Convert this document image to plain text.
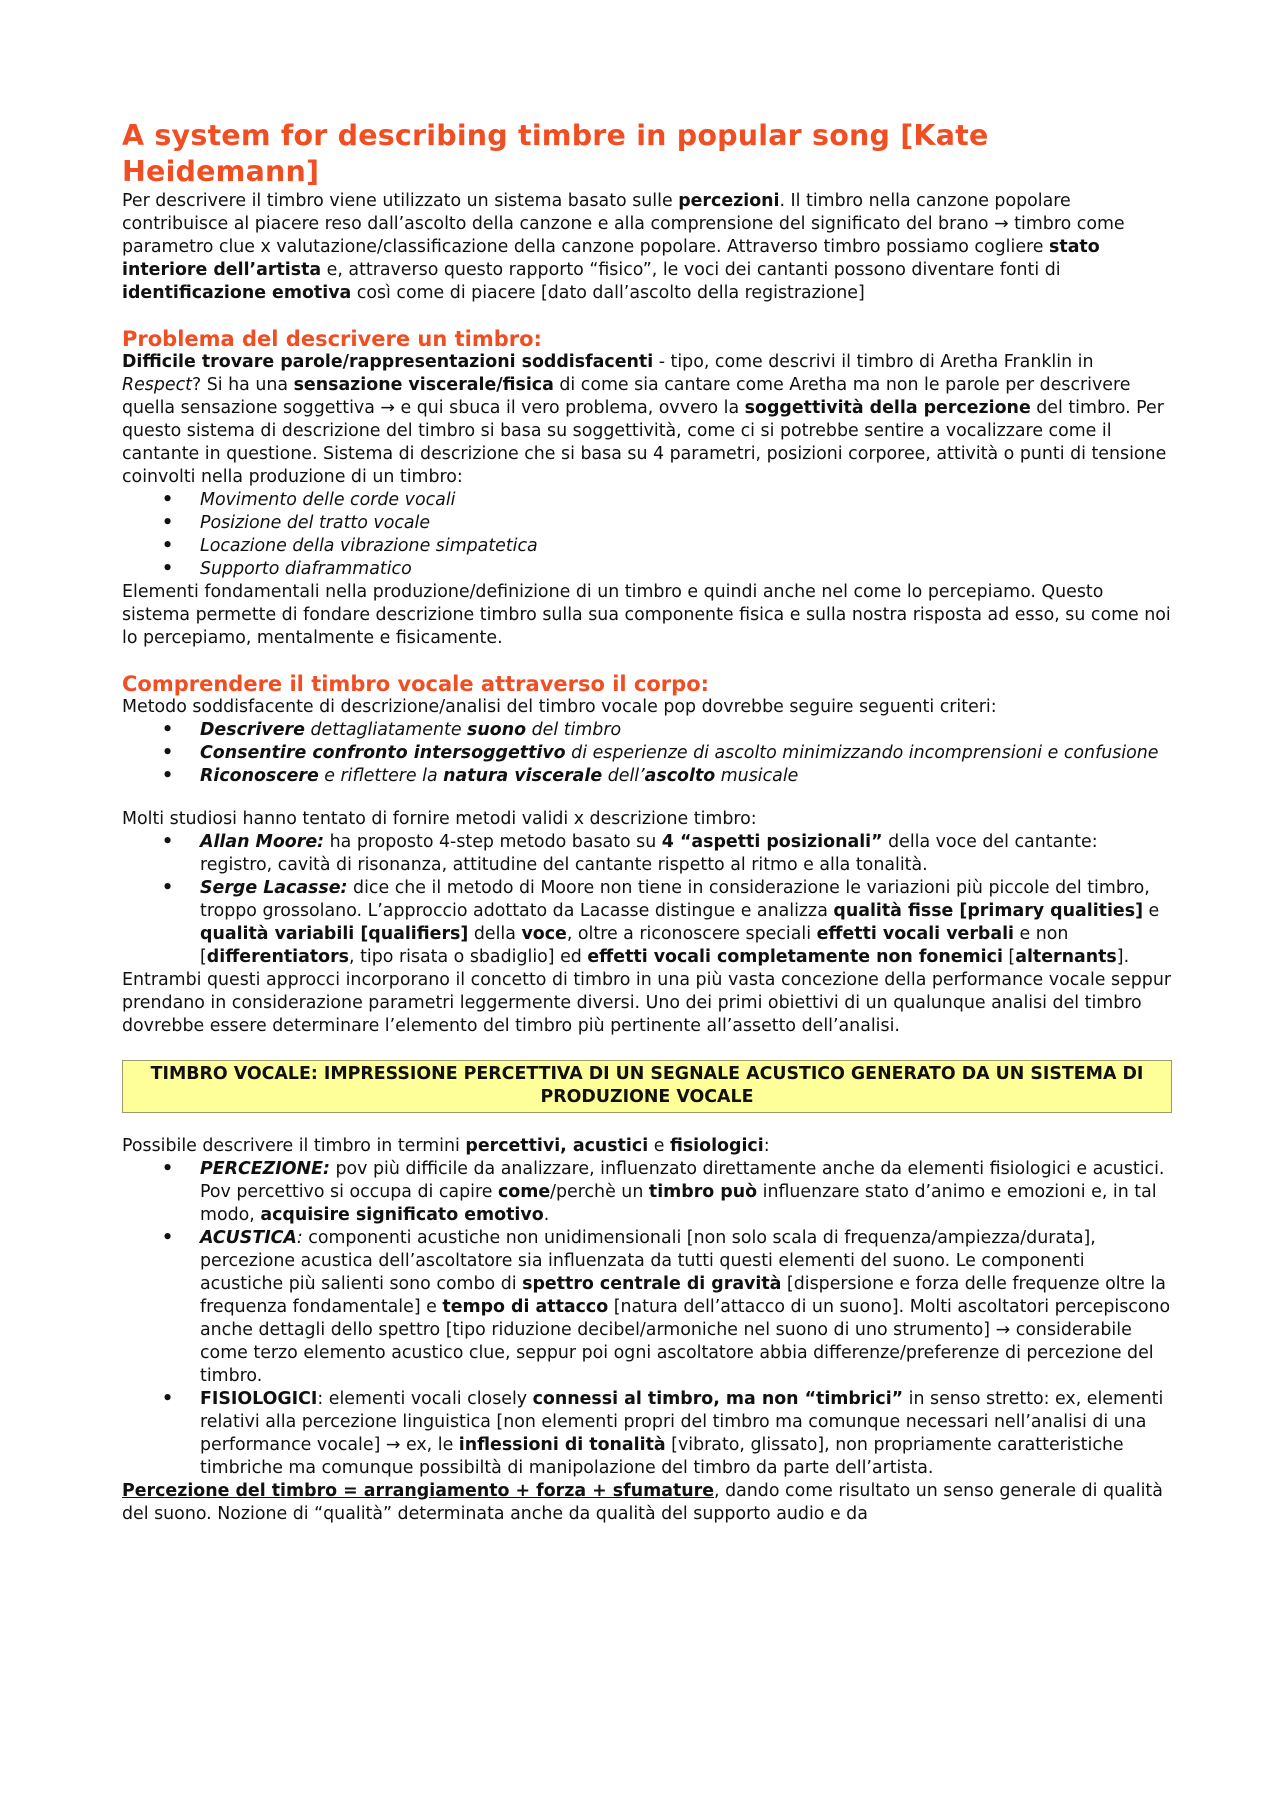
A system for describing timbre in popular song [Kate Heidemann]

Per descrivere il timbro viene utilizzato un sistema basato sulle percezioni. Il timbro nella canzone popolare contribuisce al piacere reso dall’ascolto della canzone e alla comprensione del significato del brano → timbro come parametro clue x valutazione/classificazione della canzone popolare. Attraverso timbro possiamo cogliere stato interiore dell’artista e, attraverso questo rapporto “fisico”, le voci dei cantanti possono diventare fonti di identificazione emotiva così come di piacere [dato dall’ascolto della registrazione]

Problema del descrivere un timbro:

Difficile trovare parole/rappresentazioni soddisfacenti - tipo, come descrivi il timbro di Aretha Franklin in Respect? Si ha una sensazione viscerale/fisica di come sia cantare come Aretha ma non le parole per descrivere quella sensazione soggettiva → e qui sbuca il vero problema, ovvero la soggettività della percezione del timbro. Per questo sistema di descrizione del timbro si basa su soggettività, come ci si potrebbe sentire a vocalizzare come il cantante in questione. Sistema di descrizione che si basa su 4 parametri, posizioni corporee, attività o punti di tensione coinvolti nella produzione di un timbro:

• Movimento delle corde vocali
• Posizione del tratto vocale
• Locazione della vibrazione simpatetica
• Supporto diaframmatico

Elementi fondamentali nella produzione/definizione di un timbro e quindi anche nel come lo percepiamo. Questo sistema permette di fondare descrizione timbro sulla sua componente fisica e sulla nostra risposta ad esso, su come noi lo percepiamo, mentalmente e fisicamente.

Comprendere il timbro vocale attraverso il corpo:

Metodo soddisfacente di descrizione/analisi del timbro vocale pop dovrebbe seguire seguenti criteri:

• Descrivere dettagliatamente suono del timbro
• Consentire confronto intersoggettivo di esperienze di ascolto minimizzando incomprensioni e confusione
• Riconoscere e riflettere la natura viscerale dell’ascolto musicale

Molti studiosi hanno tentato di fornire metodi validi x descrizione timbro:

• Allan Moore: ha proposto 4-step metodo basato su 4 “aspetti posizionali” della voce del cantante: registro, cavità di risonanza, attitudine del cantante rispetto al ritmo e alla tonalità.
• Serge Lacasse: dice che il metodo di Moore non tiene in considerazione le variazioni più piccole del timbro, troppo grossolano. L’approccio adottato da Lacasse distingue e analizza qualità fisse [primary qualities] e qualità variabili [qualifiers] della voce, oltre a riconoscere speciali effetti vocali verbali e non [differentiators, tipo risata o sbadiglio] ed effetti vocali completamente non fonemici [alternants].

Entrambi questi approcci incorporano il concetto di timbro in una più vasta concezione della performance vocale seppur prendano in considerazione parametri leggermente diversi. Uno dei primi obiettivi di un qualunque analisi del timbro dovrebbe essere determinare l’elemento del timbro più pertinente all’assetto dell’analisi.

TIMBRO VOCALE: IMPRESSIONE PERCETTIVA DI UN SEGNALE ACUSTICO GENERATO DA UN SISTEMA DI PRODUZIONE VOCALE

Possibile descrivere il timbro in termini percettivi, acustici e fisiologici:

• PERCEZIONE: pov più difficile da analizzare, influenzato direttamente anche da elementi fisiologici e acustici. Pov percettivo si occupa di capire come/perchè un timbro può influenzare stato d’animo e emozioni e, in tal modo, acquisire significato emotivo.
• ACUSTICA: componenti acustiche non unidimensionali [non solo scala di frequenza/ampiezza/durata], percezione acustica dell’ascoltatore sia influenzata da tutti questi elementi del suono. Le componenti acustiche più salienti sono combo di spettro centrale di gravità [dispersione e forza delle frequenze oltre la frequenza fondamentale] e tempo di attacco [natura dell’attacco di un suono]. Molti ascoltatori percepiscono anche dettagli dello spettro [tipo riduzione decibel/armoniche nel suono di uno strumento] → considerabile come terzo elemento acustico clue, seppur poi ogni ascoltatore abbia differenze/preferenze di percezione del timbro.
• FISIOLOGICI: elementi vocali closely connessi al timbro, ma non “timbrici” in senso stretto: ex, elementi relativi alla percezione linguistica [non elementi propri del timbro ma comunque necessari nell’analisi di una performance vocale] → ex, le inflessioni di tonalità [vibrato, glissato], non propriamente caratteristiche timbriche ma comunque possibiltà di manipolazione del timbro da parte dell’artista.

Percezione del timbro = arrangiamento + forza + sfumature, dando come risultato un senso generale di qualità del suono. Nozione di “qualità” determinata anche da qualità del supporto audio e da
